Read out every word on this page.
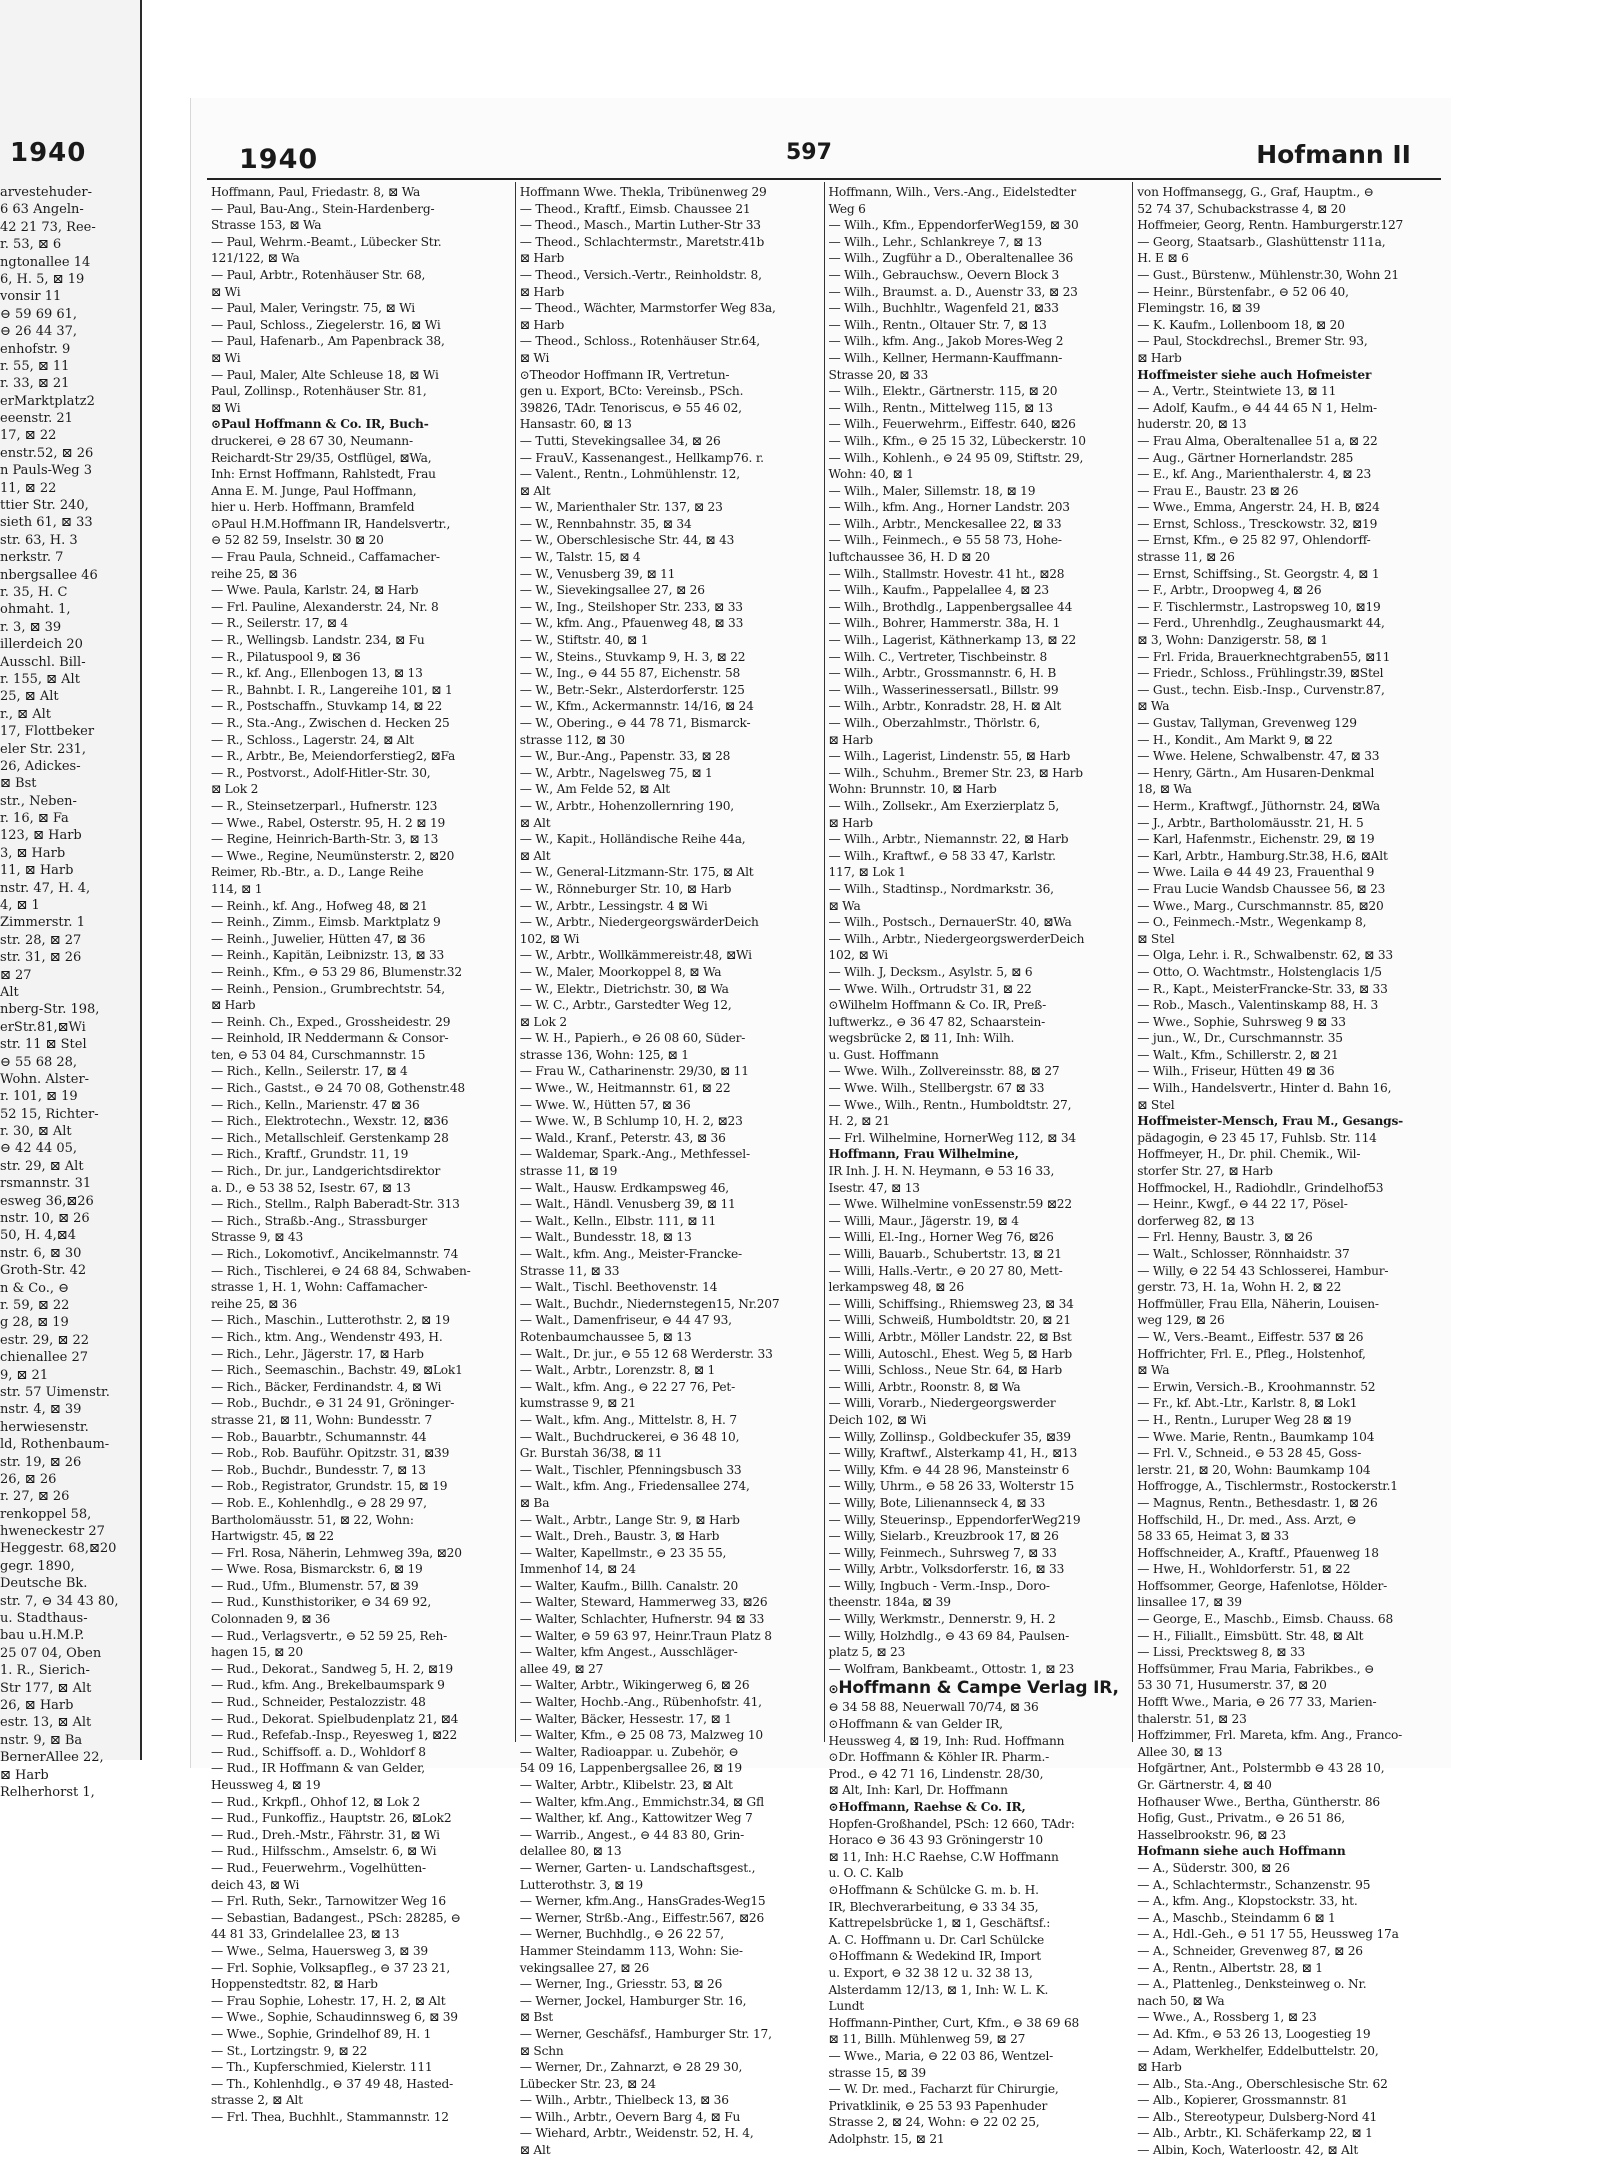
1940
arvestehuder-
6 63 Angeln-
42 21 73, Ree-
r. 53, ⊠ 6
ngtonallee 14
6, H. 5, ⊠ 19
vonsir 11
⊖ 59 69 61,
⊖ 26 44 37,
enhofstr. 9
r. 55, ⊠ 11
r. 33, ⊠ 21
erMarktplatz2
eeenstr. 21
17, ⊠ 22
enstr.52, ⊠ 26
n Pauls-Weg 3
11, ⊠ 22
ttier Str. 240,
sieth 61, ⊠ 33
str. 63, H. 3
nerkstr. 7
nbergsallee 46
r. 35, H. C
ohmaht. 1,
r. 3, ⊠ 39
illerdeich 20
Ausschl. Bill-
r. 155, ⊠ Alt
25, ⊠ Alt
r., ⊠ Alt
17, Flottbeker
eler Str. 231,
26, Adickes-
⊠ Bst
str., Neben-
r. 16, ⊠ Fa
123, ⊠ Harb
3, ⊠ Harb
11, ⊠ Harb
nstr. 47, H. 4,
4, ⊠ 1
Zimmerstr. 1
str. 28, ⊠ 27
str. 31, ⊠ 26
⊠ 27
Alt
nberg-Str. 198,
erStr.81,⊠Wi
str. 11 ⊠ Stel
⊖ 55 68 28,
Wohn. Alster-
r. 101, ⊠ 19
52 15, Richter-
r. 30, ⊠ Alt
⊖ 42 44 05,
str. 29, ⊠ Alt
rsmannstr. 31
esweg 36,⊠26
nstr. 10, ⊠ 26
50, H. 4,⊠4
nstr. 6, ⊠ 30
Groth-Str. 42
n & Co., ⊖
r. 59, ⊠ 22
g 28, ⊠ 19
estr. 29, ⊠ 22
chienallee 27
9, ⊠ 21
str. 57 Uimenstr.
nstr. 4, ⊠ 39
herwiesenstr.
ld, Rothenbaum-
str. 19, ⊠ 26
26, ⊠ 26
r. 27, ⊠ 26
renkoppel 58,
hweneckestr 27
Heggestr. 68,⊠20
gegr. 1890,
Deutsche Bk.
str. 7, ⊖ 34 43 80,
u. Stadthaus-
bau u.H.M.P.
25 07 04, Oben
1. R., Sierich-
Str 177, ⊠ Alt
26, ⊠ Harb
estr. 13, ⊠ Alt
nstr. 9, ⊠ Ba
BernerAllee 22,
⊠ Harb
Relherhorst 1,
1940	597	Hofmann II
Hoffmann, Paul, Friedastr. 8, ⊠ Wa
— Paul, Bau-Ang., Stein-Hardenberg-
Strasse 153, ⊠ Wa
— Paul, Wehrm.-Beamt., Lübecker Str.
121/122, ⊠ Wa
— Paul, Arbtr., Rotenhäuser Str. 68,
⊠ Wi
— Paul, Maler, Veringstr. 75, ⊠ Wi
— Paul, Schloss., Ziegelerstr. 16, ⊠ Wi
— Paul, Hafenarb., Am Papenbrack 38,
⊠ Wi
— Paul, Maler, Alte Schleuse 18, ⊠ Wi
Paul, Zollinsp., Rotenhäuser Str. 81,
⊠ Wi
⊙ Paul Hoffmann & Co. IR, Buch-
druckerei, ⊖ 28 67 30, Neumann-
Reichardt-Str 29/35, Ostflügel, ⊠Wa,
Inh: Ernst Hoffmann, Rahlstedt, Frau
Anna E. M. Junge, Paul Hoffmann,
hier u. Herb. Hoffmann, Bramfeld
⊙ Paul H.M.Hoffmann IR, Handelsvertr.,
⊖ 52 82 59, Inselstr. 30 ⊠ 20
— Frau Paula, Schneid., Caffamacher-
reihe 25, ⊠ 36
— Wwe. Paula, Karlstr. 24, ⊠ Harb
— Frl. Pauline, Alexanderstr. 24, Nr. 8
— R., Seilerstr. 17, ⊠ 4
— R., Wellingsb. Landstr. 234, ⊠ Fu
— R., Pilatuspool 9, ⊠ 36
— R., kf. Ang., Ellenbogen 13, ⊠ 13
— R., Bahnbt. I. R., Langereihe 101, ⊠ 1
— R., Postschaffn., Stuvkamp 14, ⊠ 22
— R., Sta.-Ang., Zwischen d. Hecken 25
— R., Schloss., Lagerstr. 24, ⊠ Alt
— R., Arbtr., Be, Meiendorferstieg2, ⊠Fa
— R., Postvorst., Adolf-Hitler-Str. 30,
⊠ Lok 2
— R., Steinsetzerparl., Hufnerstr. 123
— Wwe., Rabel, Osterstr. 95, H. 2 ⊠ 19
— Regine, Heinrich-Barth-Str. 3, ⊠ 13
— Wwe., Regine, Neumünsterstr. 2, ⊠20
Reimer, Rb.-Btr., a. D., Lange Reihe
114, ⊠ 1
— Reinh., kf. Ang., Hofweg 48, ⊠ 21
— Reinh., Zimm., Eimsb. Marktplatz 9
— Reinh., Juwelier, Hütten 47, ⊠ 36
— Reinh., Kapitän, Leibnizstr. 13, ⊠ 33
— Reinh., Kfm., ⊖ 53 29 86, Blumenstr.32
— Reinh., Pension., Grumbrechtstr. 54,
⊠ Harb
— Reinh. Ch., Exped., Grossheidestr. 29
— Reinhold, IR Neddermann & Consor-
ten, ⊖ 53 04 84, Curschmannstr. 15
— Rich., Kelln., Seilerstr. 17, ⊠ 4
— Rich., Gastst., ⊖ 24 70 08, Gothenstr.48
— Rich., Kelln., Marienstr. 47 ⊠ 36
— Rich., Elektrotechn., Wexstr. 12, ⊠36
— Rich., Metallschleif. Gerstenkamp 28
— Rich., Kraftf., Grundstr. 11, 19
— Rich., Dr. jur., Landgerichtsdirektor
a. D., ⊖ 53 38 52, Isestr. 67, ⊠ 13
— Rich., Stellm., Ralph Baberadt-Str. 313
— Rich., Straßb.-Ang., Strassburger
Strasse 9, ⊠ 43
— Rich., Lokomotivf., Ancikelmannstr. 74
— Rich., Tischlerei, ⊖ 24 68 84, Schwaben-
strasse 1, H. 1, Wohn: Caffamacher-
reihe 25, ⊠ 36
— Rich., Maschin., Lutterothstr. 2, ⊠ 19
— Rich., ktm. Ang., Wendenstr 493, H.
— Rich., Lehr., Jägerstr. 17, ⊠ Harb
— Rich., Seemaschin., Bachstr. 49, ⊠Lok1
— Rich., Bäcker, Ferdinandstr. 4, ⊠ Wi
— Rob., Buchdr., ⊖ 31 24 91, Gröninger-
strasse 21, ⊠ 11, Wohn: Bundesstr. 7
— Rob., Bauarbtr., Schumannstr. 44
— Rob., Rob. Bauführ. Opitzstr. 31, ⊠39
— Rob., Buchdr., Bundesstr. 7, ⊠ 13
— Rob., Registrator, Grundstr. 15, ⊠ 19
— Rob. E., Kohlenhdlg., ⊖ 28 29 97,
Bartholomäusstr. 51, ⊠ 22, Wohn:
Hartwigstr. 45, ⊠ 22
— Frl. Rosa, Näherin, Lehmweg 39a, ⊠20
— Wwe. Rosa, Bismarckstr. 6, ⊠ 19
— Rud., Ufm., Blumenstr. 57, ⊠ 39
— Rud., Kunsthistoriker, ⊖ 34 69 92,
Colonnaden 9, ⊠ 36
— Rud., Verlagsvertr., ⊖ 52 59 25, Reh-
hagen 15, ⊠ 20
— Rud., Dekorat., Sandweg 5, H. 2, ⊠19
— Rud., kfm. Ang., Brekelbaumspark 9
— Rud., Schneider, Pestalozzistr. 48
— Rud., Dekorat. Spielbudenplatz 21, ⊠4
— Rud., Refefab.-Insp., Reyesweg 1, ⊠22
— Rud., Schiffsoff. a. D., Wohldorf 8
— Rud., IR Hoffmann & van Gelder,
Heussweg 4, ⊠ 19
— Rud., Krkpfl., Ohhof 12, ⊠ Lok 2
— Rud., Funkoffiz., Hauptstr. 26, ⊠Lok2
— Rud., Dreh.-Mstr., Fährstr. 31, ⊠ Wi
— Rud., Hilfsschm., Amselstr. 6, ⊠ Wi
— Rud., Feuerwehrm., Vogelhütten-
deich 43, ⊠ Wi
— Frl. Ruth, Sekr., Tarnowitzer Weg 16
— Sebastian, Badangest., PSch: 28285, ⊖
44 81 33, Grindelallee 23, ⊠ 13
— Wwe., Selma, Hauersweg 3, ⊠ 39
— Frl. Sophie, Volksapfleg., ⊖ 37 23 21,
Hoppenstedtstr. 82, ⊠ Harb
— Frau Sophie, Lohestr. 17, H. 2, ⊠ Alt
— Wwe., Sophie, Schaudinnsweg 6, ⊠ 39
— Wwe., Sophie, Grindelhof 89, H. 1
— St., Lortzingstr. 9, ⊠ 22
— Th., Kupferschmied, Kielerstr. 111
— Th., Kohlenhdlg., ⊖ 37 49 48, Hasted-
strasse 2, ⊠ Alt
— Frl. Thea, Buchhlt., Stammannstr. 12
Hoffmann Wwe. Thekla, Tribünenweg 29
— Theod., Kraftf., Eimsb. Chaussee 21
— Theod., Masch., Martin Luther-Str 33
— Theod., Schlachtermstr., Maretstr.41b
⊠ Harb
— Theod., Versich.-Vertr., Reinholdstr. 8,
⊠ Harb
— Theod., Wächter, Marmstorfer Weg 83a,
⊠ Harb
— Theod., Schloss., Rotenhäuser Str.64,
⊠ Wi
⊙ Theodor Hoffmann IR, Vertretun-
gen u. Export, BCto: Vereinsb., PSch.
39826, TAdr. Tenoriscus, ⊖ 55 46 02,
Hansastr. 60, ⊠ 13
— Tutti, Stevekingsallee 34, ⊠ 26
— FrauV., Kassenangest., Hellkamp76. r.
— Valent., Rentn., Lohmühlenstr. 12,
⊠ Alt
— W., Marienthaler Str. 137, ⊠ 23
— W., Rennbahnstr. 35, ⊠ 34
— W., Oberschlesische Str. 44, ⊠ 43
— W., Talstr. 15, ⊠ 4
— W., Venusberg 39, ⊠ 11
— W., Sievekingsallee 27, ⊠ 26
— W., Ing., Steilshoper Str. 233, ⊠ 33
— W., kfm. Ang., Pfauenweg 48, ⊠ 33
— W., Stiftstr. 40, ⊠ 1
— W., Steins., Stuvkamp 9, H. 3, ⊠ 22
— W., Ing., ⊖ 44 55 87, Eichenstr. 58
— W., Betr.-Sekr., Alsterdorferstr. 125
— W., Kfm., Ackermannstr. 14/16, ⊠ 24
— W., Obering., ⊖ 44 78 71, Bismarck-
strasse 112, ⊠ 30
— W., Bur.-Ang., Papenstr. 33, ⊠ 28
— W., Arbtr., Nagelsweg 75, ⊠ 1
— W., Am Felde 52, ⊠ Alt
— W., Arbtr., Hohenzollernring 190,
⊠ Alt
— W., Kapit., Holländische Reihe 44a,
⊠ Alt
— W., General-Litzmann-Str. 175, ⊠ Alt
— W., Rönneburger Str. 10, ⊠ Harb
— W., Arbtr., Lessingstr. 4 ⊠ Wi
— W., Arbtr., NiedergeorgswärderDeich
102, ⊠ Wi
— W., Arbtr., Wollkämmereistr.48, ⊠Wi
— W., Maler, Moorkoppel 8, ⊠ Wa
— W., Elektr., Dietrichstr. 30, ⊠ Wa
— W. C., Arbtr., Garstedter Weg 12,
⊠ Lok 2
— W. H., Papierh., ⊖ 26 08 60, Süder-
strasse 136, Wohn: 125, ⊠ 1
— Frau W., Catharinenstr. 29/30, ⊠ 11
— Wwe., W., Heitmannstr. 61, ⊠ 22
— Wwe. W., Hütten 57, ⊠ 36
— Wwe. W., B Schlump 10, H. 2, ⊠23
— Wald., Kranf., Peterstr. 43, ⊠ 36
— Waldemar, Spark.-Ang., Methfessel-
strasse 11, ⊠ 19
— Walt., Hausw. Erdkampsweg 46,
— Walt., Händl. Venusberg 39, ⊠ 11
— Walt., Kelln., Elbstr. 111, ⊠ 11
— Walt., Bundesstr. 18, ⊠ 13
— Walt., kfm. Ang., Meister-Francke-
Strasse 11, ⊠ 33
— Walt., Tischl. Beethovenstr. 14
— Walt., Buchdr., Niedernstegen15, Nr.207
— Walt., Damenfriseur, ⊖ 44 47 93,
Rotenbaumchaussee 5, ⊠ 13
— Walt., Dr. jur., ⊖ 55 12 68 Werderstr. 33
— Walt., Arbtr., Lorenzstr. 8, ⊠ 1
— Walt., kfm. Ang., ⊖ 22 27 76, Pet-
kumstrasse 9, ⊠ 21
— Walt., kfm. Ang., Mittelstr. 8, H. 7
— Walt., Buchdruckerei, ⊖ 36 48 10,
Gr. Burstah 36/38, ⊠ 11
— Walt., Tischler, Pfenningsbusch 33
— Walt., kfm. Ang., Friedensallee 274,
⊠ Ba
— Walt., Arbtr., Lange Str. 9, ⊠ Harb
— Walt., Dreh., Baustr. 3, ⊠ Harb
— Walter, Kapellmstr., ⊖ 23 35 55,
Immenhof 14, ⊠ 24
— Walter, Kaufm., Billh. Canalstr. 20
— Walter, Steward, Hammerweg 33, ⊠26
— Walter, Schlachter, Hufnerstr. 94 ⊠ 33
— Walter, ⊖ 59 63 97, Heinr.Traun Platz 8
— Walter, kfm Angest., Ausschläger-
allee 49, ⊠ 27
— Walter, Arbtr., Wikingerweg 6, ⊠ 26
— Walter, Hochb.-Ang., Rübenhofstr. 41,
— Walter, Bäcker, Hessestr. 17, ⊠ 1
— Walter, Kfm., ⊖ 25 08 73, Malzweg 10
— Walter, Radioappar. u. Zubehör, ⊖
54 09 16, Lappenbergsallee 26, ⊠ 19
— Walter, Arbtr., Klibelstr. 23, ⊠ Alt
— Walter, kfm.Ang., Emmichstr.34, ⊠ Gfl
— Walther, kf. Ang., Kattowitzer Weg 7
— Warrib., Angest., ⊖ 44 83 80, Grin-
delallee 80, ⊠ 13
— Werner, Garten- u. Landschaftsgest.,
Lutterothstr. 3, ⊠ 19
— Werner, kfm.Ang., HansGrades-Weg15
— Werner, Strßb.-Ang., Eiffestr.567, ⊠26
— Werner, Buchhdlg., ⊖ 26 22 57,
Hammer Steindamm 113, Wohn: Sie-
vekingsallee 27, ⊠ 26
— Werner, Ing., Griesstr. 53, ⊠ 26
— Werner, Jockel, Hamburger Str. 16,
⊠ Bst
— Werner, Geschäfsf., Hamburger Str. 17,
⊠ Schn
— Werner, Dr., Zahnarzt, ⊖ 28 29 30,
Lübecker Str. 23, ⊠ 24
— Wilh., Arbtr., Thielbeck 13, ⊠ 36
— Wilh., Arbtr., Oevern Barg 4, ⊠ Fu
— Wiehard, Arbtr., Weidenstr. 52, H. 4,
⊠ Alt
Hoffmann, Wilh., Vers.-Ang., Eidelstedter
Weg 6
— Wilh., Kfm., EppendorferWeg159, ⊠ 30
— Wilh., Lehr., Schlankreye 7, ⊠ 13
— Wilh., Zugführ a D., Oberaltenallee 36
— Wilh., Gebrauchsw., Oevern Block 3
— Wilh., Braumst. a. D., Auenstr 33, ⊠ 23
— Wilh., Buchhltr., Wagenfeld 21, ⊠33
— Wilh., Rentn., Oltauer Str. 7, ⊠ 13
— Wilh., kfm. Ang., Jakob Mores-Weg 2
— Wilh., Kellner, Hermann-Kauffmann-
Strasse 20, ⊠ 33
— Wilh., Elektr., Gärtnerstr. 115, ⊠ 20
— Wilh., Rentn., Mittelweg 115, ⊠ 13
— Wilh., Feuerwehrm., Eiffestr. 640, ⊠26
— Wilh., Kfm., ⊖ 25 15 32, Lübeckerstr. 10
— Wilh., Kohlenh., ⊖ 24 95 09, Stiftstr. 29,
Wohn: 40, ⊠ 1
— Wilh., Maler, Sillemstr. 18, ⊠ 19
— Wilh., kfm. Ang., Horner Landstr. 203
— Wilh., Arbtr., Menckesallee 22, ⊠ 33
— Wilh., Feinmech., ⊖ 55 58 73, Hohe-
luftchaussee 36, H. D ⊠ 20
— Wilh., Stallmstr. Hovestr. 41 ht., ⊠28
— Wilh., Kaufm., Pappelallee 4, ⊠ 23
— Wilh., Brothdlg., Lappenbergsallee 44
— Wilh., Bohrer, Hammerstr. 38a, H. 1
— Wilh., Lagerist, Käthnerkamp 13, ⊠ 22
— Wilh. C., Vertreter, Tischbeinstr. 8
— Wilh., Arbtr., Grossmannstr. 6, H. B
— Wilh., Wasserinessersatl., Billstr. 99
— Wilh., Arbtr., Konradstr. 28, H. ⊠ Alt
— Wilh., Oberzahlmstr., Thörlstr. 6,
⊠ Harb
— Wilh., Lagerist, Lindenstr. 55, ⊠ Harb
— Wilh., Schuhm., Bremer Str. 23, ⊠ Harb
Wohn: Brunnstr. 10, ⊠ Harb
— Wilh., Zollsekr., Am Exerzierplatz 5,
⊠ Harb
— Wilh., Arbtr., Niemannstr. 22, ⊠ Harb
— Wilh., Kraftwf., ⊖ 58 33 47, Karlstr.
117, ⊠ Lok 1
— Wilh., Stadtinsp., Nordmarkstr. 36,
⊠ Wa
— Wilh., Postsch., DernauerStr. 40, ⊠Wa
— Wilh., Arbtr., NiedergeorgswerderDeich
102, ⊠ Wi
— Wilh. J, Decksm., Asylstr. 5, ⊠ 6
— Wwe. Wilh., Ortrudstr 31, ⊠ 22
⊙ Wilhelm Hoffmann & Co. IR, Preß-
luftwerkz., ⊖ 36 47 82, Schaarstein-
wegsbrücke 2, ⊠ 11, Inh: Wilh.
u. Gust. Hoffmann
— Wwe. Wilh., Zollvereinsstr. 88, ⊠ 27
— Wwe. Wilh., Stellbergstr. 67 ⊠ 33
— Wwe., Wilh., Rentn., Humboldtstr. 27,
H. 2, ⊠ 21
— Frl. Wilhelmine, HornerWeg 112, ⊠ 34
Hoffmann, Frau Wilhelmine,
IR Inh. J. H. N. Heymann, ⊖ 53 16 33,
Isestr. 47, ⊠ 13
— Wwe. Wilhelmine vonEssenstr.59 ⊠22
— Willi, Maur., Jägerstr. 19, ⊠ 4
— Willi, El.-Ing., Horner Weg 76, ⊠26
— Willi, Bauarb., Schubertstr. 13, ⊠ 21
— Willi, Halls.-Vertr., ⊖ 20 27 80, Mett-
lerkampsweg 48, ⊠ 26
— Willi, Schiffsing., Rhiemsweg 23, ⊠ 34
— Willi, Schweiß, Humboldtstr. 20, ⊠ 21
— Willi, Arbtr., Möller Landstr. 22, ⊠ Bst
— Willi, Autoschl., Ehest. Weg 5, ⊠ Harb
— Willi, Schloss., Neue Str. 64, ⊠ Harb
— Willi, Arbtr., Roonstr. 8, ⊠ Wa
— Willi, Vorarb., Niedergeorgswerder
Deich 102, ⊠ Wi
— Willy, Zollinsp., Goldbeckufer 35, ⊠39
— Willy, Kraftwf., Alsterkamp 41, H., ⊠13
— Willy, Kfm. ⊖ 44 28 96, Mansteinstr 6
— Willy, Uhrm., ⊖ 58 26 33, Wolterstr 15
— Willy, Bote, Lilienannseck 4, ⊠ 33
— Willy, Steuerinsp., EppendorferWeg219
— Willy, Sielarb., Kreuzbrook 17, ⊠ 26
— Willy, Feinmech., Suhrsweg 7, ⊠ 33
— Willy, Arbtr., Volksdorferstr. 16, ⊠ 33
— Willy, Ingbuch - Verm.-Insp., Doro-
theenstr. 184a, ⊠ 39
— Willy, Werkmstr., Dennerstr. 9, H. 2
— Willy, Holzhdlg., ⊖ 43 69 84, Paulsen-
platz 5, ⊠ 23
— Wolfram, Bankbeamt., Ottostr. 1, ⊠ 23
⊙ Hoffmann & Campe Verlag IR,
⊖ 34 58 88, Neuerwall 70/74, ⊠ 36
⊙ Hoffmann & van Gelder IR,
Heussweg 4, ⊠ 19, Inh: Rud. Hoffmann
⊙ Dr. Hoffmann & Köhler IR. Pharm.-
Prod., ⊖ 42 71 16, Lindenstr. 28/30,
⊠ Alt, Inh: Karl, Dr. Hoffmann
⊙ Hoffmann, Raehse & Co. IR,
Hopfen-Großhandel, PSch: 12 660, TAdr:
Horaco ⊖ 36 43 93 Gröningerstr 10
⊠ 11, Inh: H.C Raehse, C.W Hoffmann
u. O. C. Kalb
⊙ Hoffmann & Schülcke G. m. b. H.
IR, Blechverarbeitung, ⊖ 33 34 35,
Kattrepelsbrücke 1, ⊠ 1, Geschäftsf.:
A. C. Hoffmann u. Dr. Carl Schülcke
⊙ Hoffmann & Wedekind IR, Import
u. Export, ⊖ 32 38 12 u. 32 38 13,
Alsterdamm 12/13, ⊠ 1, Inh: W. L. K.
Lundt
Hoffmann-Pinther, Curt, Kfm., ⊖ 38 69 68
⊠ 11, Billh. Mühlenweg 59, ⊠ 27
— Wwe., Maria, ⊖ 22 03 86, Wentzel-
strasse 15, ⊠ 39
— W. Dr. med., Facharzt für Chirurgie,
Privatklinik, ⊖ 25 53 93 Papenhuder
Strasse 2, ⊠ 24, Wohn: ⊖ 22 02 25,
Adolphstr. 15, ⊠ 21
von Hoffmansegg, G., Graf, Hauptm., ⊖
52 74 37, Schubackstrasse 4, ⊠ 20
Hoffmeier, Georg, Rentn. Hamburgerstr.127
— Georg, Staatsarb., Glashüttenstr 111a,
H. E ⊠ 6
— Gust., Bürstenw., Mühlenstr.30, Wohn 21
— Heinr., Bürstenfabr., ⊖ 52 06 40,
Flemingstr. 16, ⊠ 39
— K. Kaufm., Lollenboom 18, ⊠ 20
— Paul, Stockdrechsl., Bremer Str. 93,
⊠ Harb
Hoffmeister siehe auch Hofmeister
— A., Vertr., Steintwiete 13, ⊠ 11
— Adolf, Kaufm., ⊖ 44 44 65 N 1, Helm-
huderstr. 20, ⊠ 13
— Frau Alma, Oberaltenallee 51 a, ⊠ 22
— Aug., Gärtner Hornerlandstr. 285
— E., kf. Ang., Marienthalerstr. 4, ⊠ 23
— Frau E., Baustr. 23 ⊠ 26
— Wwe., Emma, Angerstr. 24, H. B, ⊠24
— Ernst, Schloss., Tresckowstr. 32, ⊠19
— Ernst, Kfm., ⊖ 25 82 97, Ohlendorff-
strasse 11, ⊠ 26
— Ernst, Schiffsing., St. Georgstr. 4, ⊠ 1
— F., Arbtr., Droopweg 4, ⊠ 26
— F. Tischlermstr., Lastropsweg 10, ⊠19
— Ferd., Uhrenhdlg., Zeughausmarkt 44,
⊠ 3, Wohn: Danzigerstr. 58, ⊠ 1
— Frl. Frida, Brauerknechtgraben55, ⊠11
— Friedr., Schloss., Frühlingstr.39, ⊠Stel
— Gust., techn. Eisb.-Insp., Curvenstr.87,
⊠ Wa
— Gustav, Tallyman, Grevenweg 129
— H., Kondit., Am Markt 9, ⊠ 22
— Wwe. Helene, Schwalbenstr. 47, ⊠ 33
— Henry, Gärtn., Am Husaren-Denkmal
18, ⊠ Wa
— Herm., Kraftwgf., Jüthornstr. 24, ⊠Wa
— J., Arbtr., Bartholomäusstr. 21, H. 5
— Karl, Hafenmstr., Eichenstr. 29, ⊠ 19
— Karl, Arbtr., Hamburg.Str.38, H.6, ⊠Alt
— Wwe. Laila ⊖ 44 49 23, Frauenthal 9
— Frau Lucie Wandsb Chaussee 56, ⊠ 23
— Wwe., Marg., Curschmannstr. 85, ⊠20
— O., Feinmech.-Mstr., Wegenkamp 8,
⊠ Stel
— Olga, Lehr. i. R., Schwalbenstr. 62, ⊠ 33
— Otto, O. Wachtmstr., Holstenglacis 1/5
— R., Kapt., MeisterFrancke-Str. 33, ⊠ 33
— Rob., Masch., Valentinskamp 88, H. 3
— Wwe., Sophie, Suhrsweg 9 ⊠ 33
— jun., W., Dr., Curschmannstr. 35
— Walt., Kfm., Schillerstr. 2, ⊠ 21
— Wilh., Friseur, Hütten 49 ⊠ 36
— Wilh., Handelsvertr., Hinter d. Bahn 16,
⊠ Stel
Hoffmeister-Mensch, Frau M., Gesangs-
pädagogin, ⊖ 23 45 17, Fuhlsb. Str. 114
Hoffmeyer, H., Dr. phil. Chemik., Wil-
storfer Str. 27, ⊠ Harb
Hoffmockel, H., Radiohdlr., Grindelhof53
— Heinr., Kwgf., ⊖ 44 22 17, Pösel-
dorferweg 82, ⊠ 13
— Frl. Henny, Baustr. 3, ⊠ 26
— Walt., Schlosser, Rönnhaidstr. 37
— Willy, ⊖ 22 54 43 Schlossereі, Hambur-
gerstr. 73, H. 1a, Wohn H. 2, ⊠ 22
Hoffmüller, Frau Ella, Näherin, Louisen-
weg 129, ⊠ 26
— W., Vers.-Beamt., Eiffestr. 537 ⊠ 26
Hoffrichter, Frl. E., Pfleg., Holstenhof,
⊠ Wa
— Erwin, Versich.-B., Kroohmannstr. 52
— Fr., kf. Abt.-Ltr., Karlstr. 8, ⊠ Lok1
— H., Rentn., Luruper Weg 28 ⊠ 19
— Wwe. Marie, Rentn., Baumkamp 104
— Frl. V., Schneid., ⊖ 53 28 45, Goss-
lerstr. 21, ⊠ 20, Wohn: Baumkamp 104
Hoffrogge, A., Tischlermstr., Rostockerstr.1
— Magnus, Rentn., Bethesdastr. 1, ⊠ 26
Hoffschild, H., Dr. med., Ass. Arzt, ⊖
58 33 65, Heimat 3, ⊠ 33
Hoffschneider, A., Kraftf., Pfauenweg 18
— Hwe, H., Wohldorferstr. 51, ⊠ 22
Hoffsommer, George, Hafenlotse, Hölder-
linsallee 17, ⊠ 39
— George, E., Maschb., Eimsb. Chauss. 68
— H., Filiallt., Eimsbütt. Str. 48, ⊠ Alt
— Lissi, Precktsweg 8, ⊠ 33
Hoffsümmer, Frau Maria, Fabrikbes., ⊖
53 30 71, Husumerstr. 37, ⊠ 20
Hofft Wwe., Maria, ⊖ 26 77 33, Marien-
thalerstr. 51, ⊠ 23
Hoffzimmer, Frl. Mareta, kfm. Ang., Franco-
Allee 30, ⊠ 13
Hofgärtner, Ant., Polstermbb ⊖ 43 28 10,
Gr. Gärtnerstr. 4, ⊠ 40
Hofhauser Wwe., Bertha, Güntherstr. 86
Hofig, Gust., Privatm., ⊖ 26 51 86,
Hasselbrookstr. 96, ⊠ 23
Hofmann siehe auch Hoffmann
— A., Süderstr. 300, ⊠ 26
— A., Schlachtermstr., Schanzenstr. 95
— A., kfm. Ang., Klopstockstr. 33, ht.
— A., Maschb., Steindamm 6 ⊠ 1
— A., Hdl.-Geh., ⊖ 51 17 55, Heussweg 17a
— A., Schneider, Grevenweg 87, ⊠ 26
— A., Rentn., Albertstr. 28, ⊠ 1
— A., Plattenleg., Denksteinweg o. Nr.
nach 50, ⊠ Wa
— Wwe., A., Rossberg 1, ⊠ 23
— Ad. Kfm., ⊖ 53 26 13, Loogestieg 19
— Adam, Werkhelfer, Eddelbuttelstr. 20,
⊠ Harb
— Alb., Sta.-Ang., Oberschlesische Str. 62
— Alb., Kopierer, Grossmannstr. 81
— Alb., Stereotypeur, Dulsberg-Nord 41
— Alb., Arbtr., Kl. Schäferkamp 22, ⊠ 1
— Albin, Koch, Waterloostr. 42, ⊠ Alt
